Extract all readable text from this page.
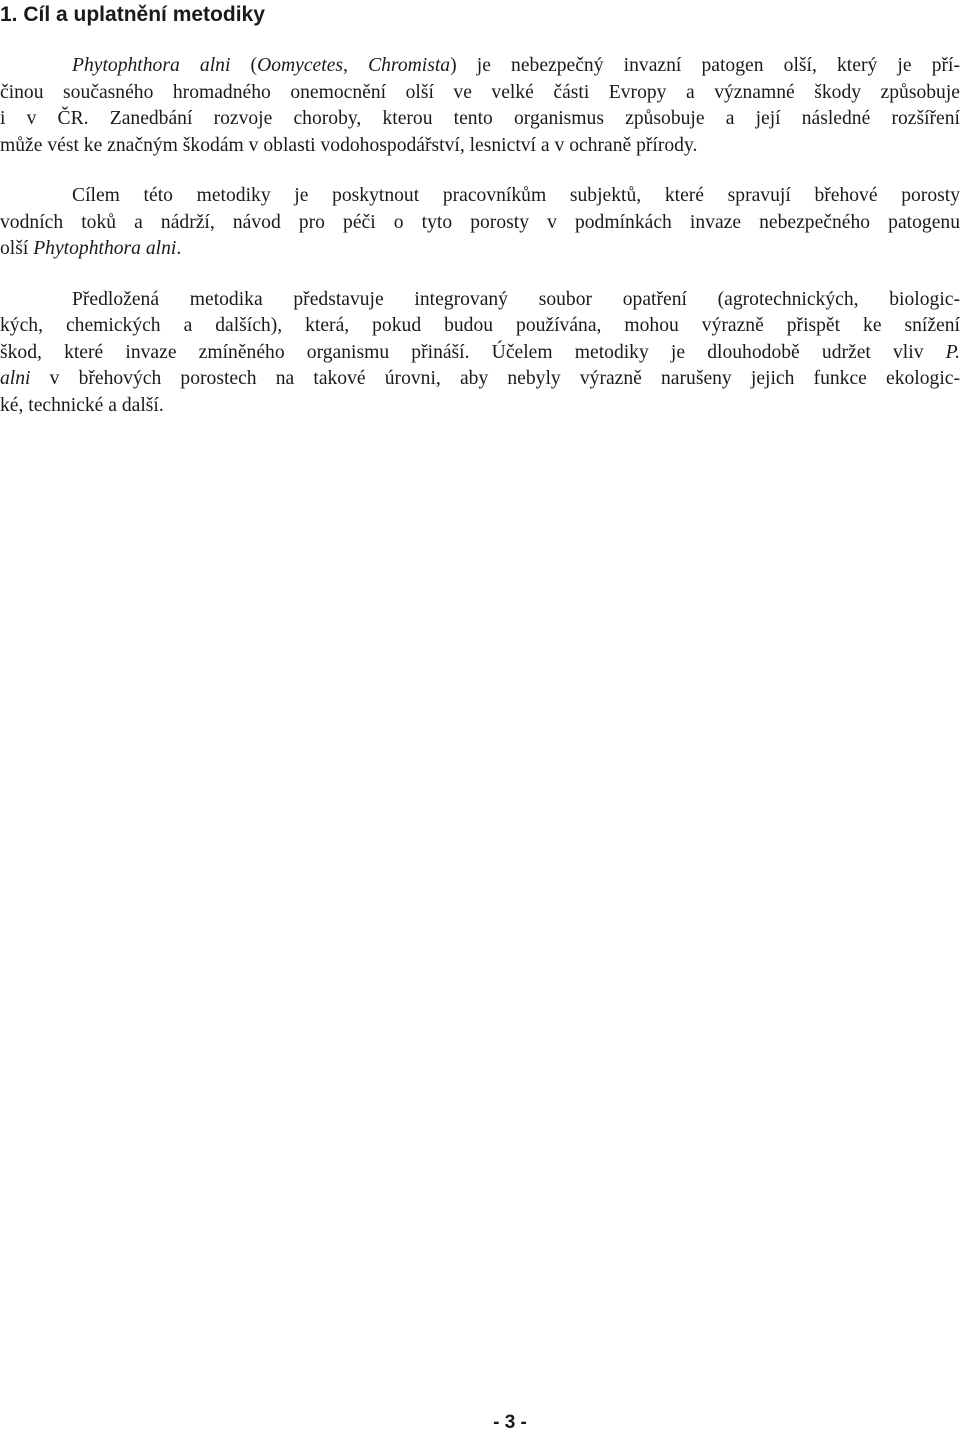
1. Cíl a uplatnění metodiky

Phytophthora alni (Oomycetes, Chromista) je nebezpečný invazní patogen olší, který je pří-
činou současného hromadného onemocnění olší ve velké části Evropy a významné škody způsobuje
i v ČR. Zanedbání rozvoje choroby, kterou tento organismus způsobuje a její následné rozšíření
může vést ke značným škodám v oblasti vodohospodářství, lesnictví a v ochraně přírody.

Cílem této metodiky je poskytnout pracovníkům subjektů, které spravují břehové porosty
vodních toků a nádrží, návod pro péči o tyto porosty v podmínkách invaze nebezpečného patogenu
olší Phytophthora alni.

Předložená metodika představuje integrovaný soubor opatření (agrotechnických, biologic-
kých, chemických a dalších), která, pokud budou používána, mohou výrazně přispět ke snížení
škod, které invaze zmíněného organismu přináší. Účelem metodiky je dlouhodobě udržet vliv P.
alni v břehových porostech na takové úrovni, aby nebyly výrazně narušeny jejich funkce ekologic-
ké, technické a další.

- 3 -
